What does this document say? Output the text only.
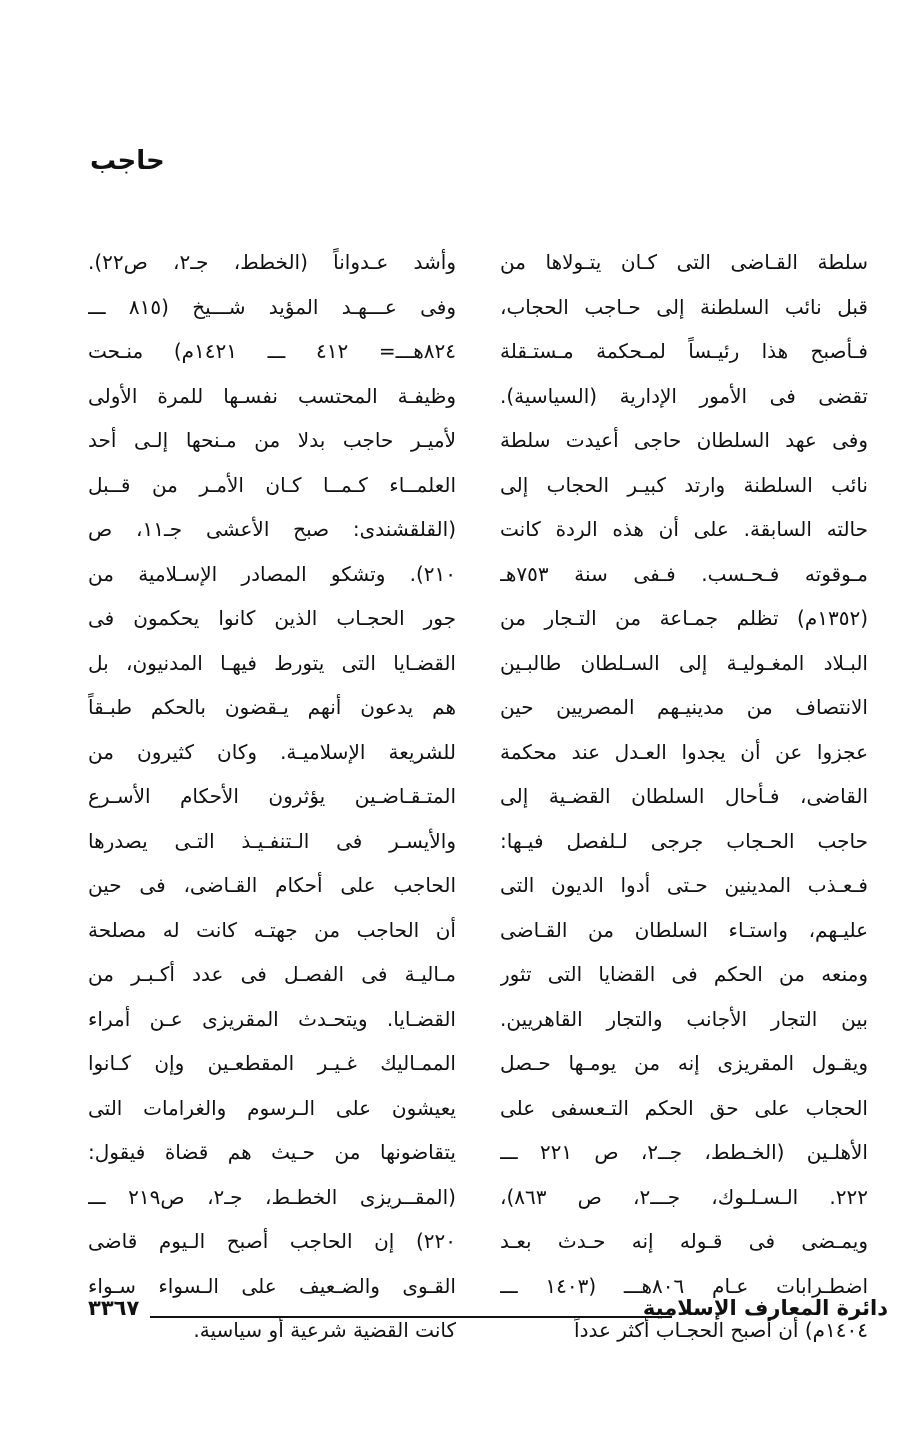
حاجب
سلطة القـاضى التى كـان يتـولاها من
قبل نائب السلطنة إلى حـاجب الحجاب،
فـأصبح هذا رئيـساً لمـحكمة مـستـقلة
تقضى فى الأمور الإدارية (السياسية).
وفى عهد السلطان حاجى أعيدت سلطة
نائب السلطنة وارتد كبيـر الحجاب إلى
حالته السابقة. على أن هذه الردة كانت
مـوقوته فـحـسب. فـفى سنة ٧٥٣هـ
(١٣٥٢م) تظلم جمـاعة من التـجار من
البـلاد المغـوليـة إلى السـلطان طالبـين
الانتصاف من مدينيـهم المصريين حين
عجزوا عن أن يجدوا العـدل عند محكمة
القاضى، فـأحال السلطان القضـية إلى
حاجب الحـجاب جرجى لـلفصل فيـها:
فـعـذب المدينين حـتى أدوا الديون التى
عليـهم، واستـاء السلطان من القـاضى
ومنعه من الحكم فى القضايا التى تثور
بين التجار الأجانب والتجار القاهريين.
ويقـول المقريزى إنه من يومـها حـصل
الحجاب على حق الحكم التـعسفى على
الأهلـين (الخـطط، جــ٢، ص ٢٢١ ـــ
٢٢٢. الـسـلـوك، جـــ٢، ص ٨٦٣)،
ويمـضى فى قـوله إنه حـدث بعـد
اضطـرابات عـام ٨٠٦هـــ (١٤٠٣ ـــ
١٤٠٤م) أن أصبح الحجـاب أكثر عدداً
وأشد عـدواناً (الخطط، جـ٢، ص٢٢).
وفى عـــهـد المؤيد شـــيخ (٨١٥ ـــ
٨٢٤هـــ= ٤١٢ ـــ ١٤٢١م) منـحت
وظيفـة المحتسب نفسـها للمرة الأولى
لأميـر حاجب بدلا من مـنحها إلـى أحد
العلمــاء كـمــا كـان الأمـر من قــبل
(القلقشندى: صبح الأعشى جـ١١، ص
٢١٠). وتشكو المصادر الإسـلامية من
جور الحجـاب الذين كانوا يحكمون فى
القضـايا التى يتورط فيهـا المدنيون، بل
هم يدعون أنهم يـقضون بالحكم طبـقاً
للشريعة الإسلاميـة. وكان كثيرون من
المتـقـاضـين يؤثرون الأحكام الأسـرع
والأيسـر فى الـتنفـيـذ التـى يصدرها
الحاجب على أحكام القـاضى، فى حين
أن الحاجب من جهتـه كانت له مصلحة
مـاليـة فى الفصـل فى عدد أكـبـر من
القضـايا. ويتحـدث المقريزى عـن أمراء
الممـاليك غـيـر المقطعـين وإن كـانوا
يعيشون على الـرسوم والغرامات التى
يتقاضونها من حـيث هم قضاة فيقول:
(المقــريزى الخطـط، جـ٢، ص٢١٩ ـــ
٢٢٠) إن الحاجب أصبح الـيوم قاضى
القـوى والضـعيف على الـسواء سـواء
كانت القضية شرعية أو سياسية.
دائرة المعارف الإسلامية
٣٣٦٧
